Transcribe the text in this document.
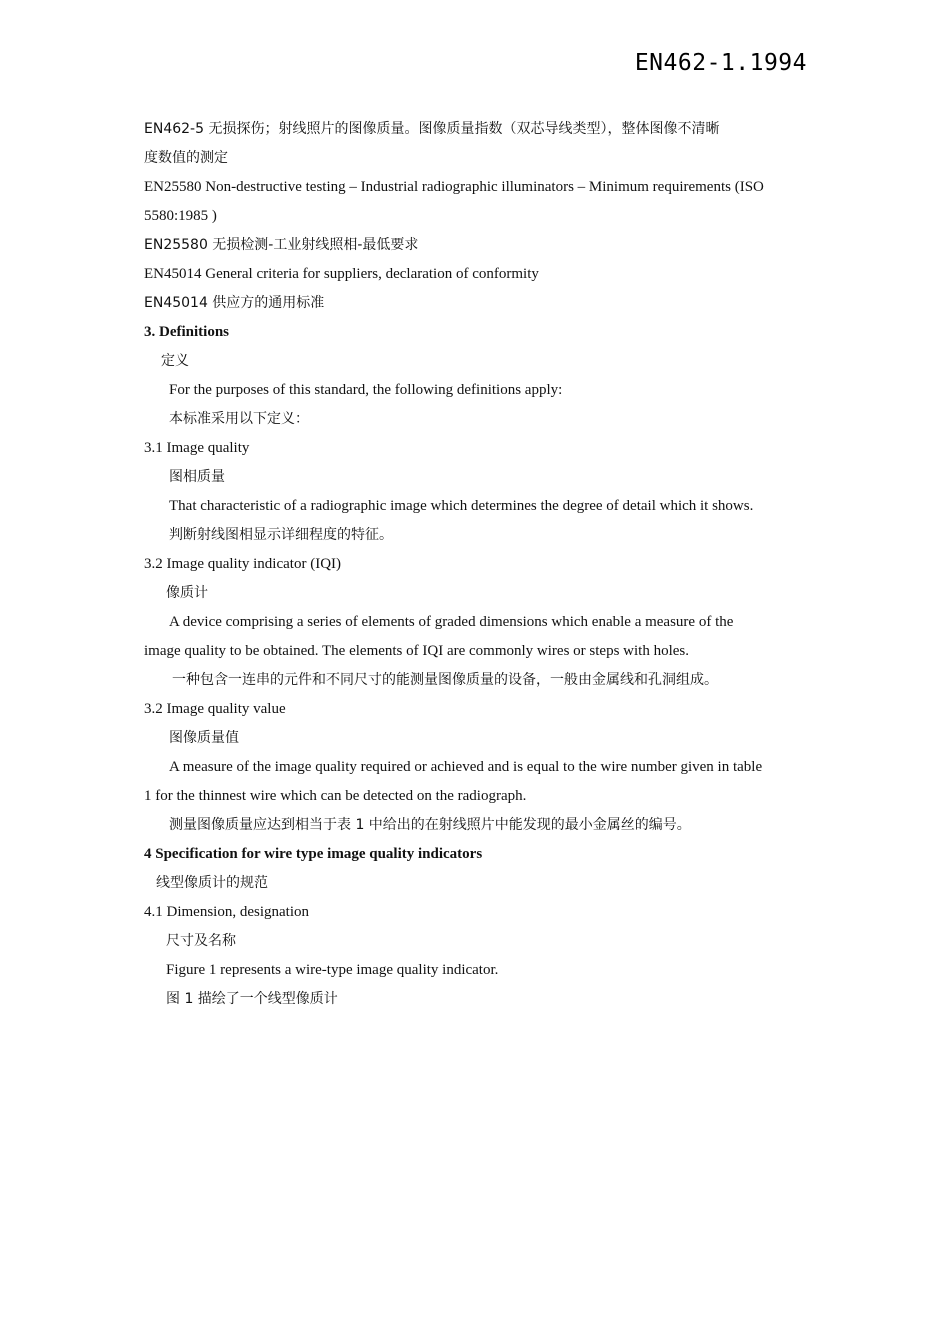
EN462-1.1994
EN462-5 无损探伤；射线照片的图像质量。图像质量指数（双芯导线类型），整体图像不清晰
度数值的测定
EN25580 Non-destructive testing – Industrial radiographic illuminators – Minimum requirements (ISO
5580:1985 )
EN25580 无损检测-工业射线照相-最低要求
EN45014 General criteria for suppliers, declaration of conformity
EN45014 供应方的通用标准
3. Definitions
定义
For the purposes of this standard, the following definitions apply:
本标准采用以下定义：
3.1 Image quality
图相质量
That characteristic of a radiographic image which determines the degree of detail which it shows.
判断射线图相显示详细程度的特征。
3.2 Image quality indicator (IQI)
像质计
A device comprising a series of elements of graded dimensions which enable a measure of the
image quality to be obtained. The elements of IQI are commonly wires or steps with holes.
一种包含一连串的元件和不同尺寸的能测量图像质量的设备，一般由金属线和孔洞组成。
3.2 Image quality value
图像质量值
A measure of the image quality required or achieved and is equal to the wire number given in table
1 for the thinnest wire which can be detected on the radiograph.
测量图像质量应达到相当于表 1 中给出的在射线照片中能发现的最小金属丝的编号。
4 Specification for wire type image quality indicators
线型像质计的规范
4.1 Dimension, designation
尺寸及名称
Figure 1 represents a wire-type image quality indicator.
图 1 描绘了一个线型像质计
